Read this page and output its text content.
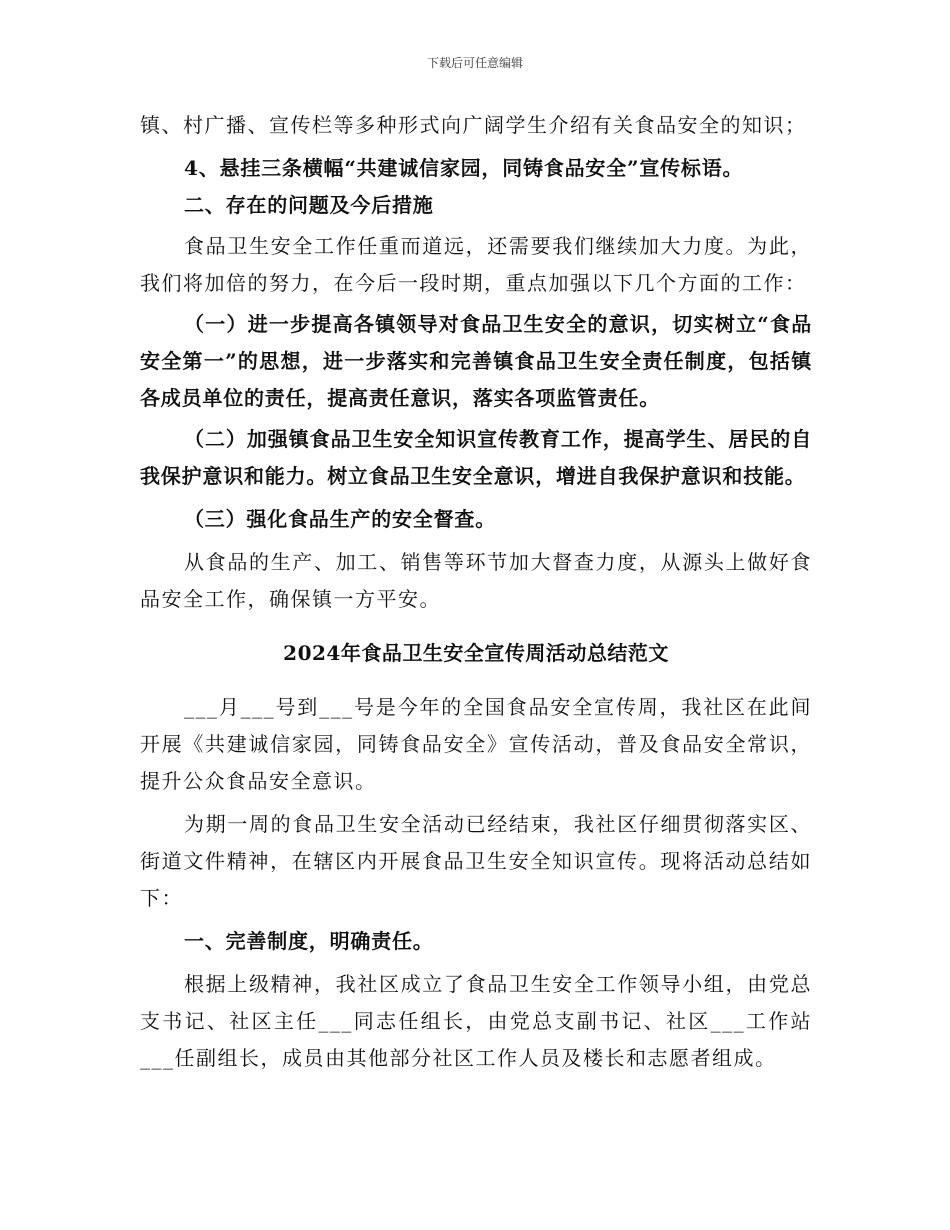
下载后可任意编辑

镇、村广播、宣传栏等多种形式向广阔学生介绍有关食品安全的知识；

4、悬挂三条横幅“共建诚信家园，同铸食品安全”宣传标语。

二、存在的问题及今后措施

食品卫生安全工作任重而道远，还需要我们继续加大力度。为此，我们将加倍的努力，在今后一段时期，重点加强以下几个方面的工作：

（一）进一步提高各镇领导对食品卫生安全的意识，切实树立“食品安全第一”的思想，进一步落实和完善镇食品卫生安全责任制度，包括镇各成员单位的责任，提高责任意识，落实各项监管责任。

（二）加强镇食品卫生安全知识宣传教育工作，提高学生、居民的自我保护意识和能力。树立食品卫生安全意识，增进自我保护意识和技能。

（三）强化食品生产的安全督查。

从食品的生产、加工、销售等环节加大督查力度，从源头上做好食品安全工作，确保镇一方平安。

2024年食品卫生安全宣传周活动总结范文

___月___号到___号是今年的全国食品安全宣传周，我社区在此间开展《共建诚信家园，同铸食品安全》宣传活动，普及食品安全常识，提升公众食品安全意识。

为期一周的食品卫生安全活动已经结束，我社区仔细贯彻落实区、街道文件精神，在辖区内开展食品卫生安全知识宣传。现将活动总结如下：

一、完善制度，明确责任。

根据上级精神，我社区成立了食品卫生安全工作领导小组，由党总支书记、社区主任___同志任组长，由党总支副书记、社区___工作站___任副组长，成员由其他部分社区工作人员及楼长和志愿者组成。
